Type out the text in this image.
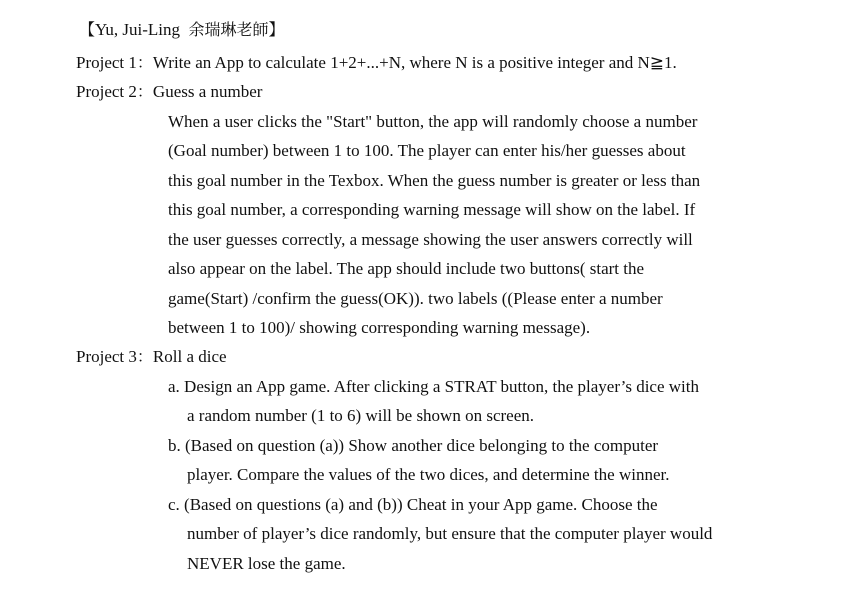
【Yu, Jui-Ling 余瑞琳老師】
Project 1：Write an App to calculate 1+2+...+N, where N is a positive integer and N≧1.
Project 2：Guess a number
When a user clicks the "Start" button, the app will randomly choose a number
(Goal number) between 1 to 100. The player can enter his/her guesses about
this goal number in the Texbox. When the guess number is greater or less than
this goal number, a corresponding warning message will show on the label. If
the user guesses correctly, a message showing the user answers correctly will
also appear on the label. The app should include two buttons( start the
game(Start) /confirm the guess(OK)). two labels ((Please enter a number
between 1 to 100)/ showing corresponding warning message).
Project 3：Roll a dice
a. Design an App game. After clicking a STRAT button, the player’s dice with
a random number (1 to 6) will be shown on screen.
b. (Based on question (a)) Show another dice belonging to the computer
player. Compare the values of the two dices, and determine the winner.
c. (Based on questions (a) and (b)) Cheat in your App game. Choose the
number of player’s dice randomly, but ensure that the computer player would
NEVER lose the game.
